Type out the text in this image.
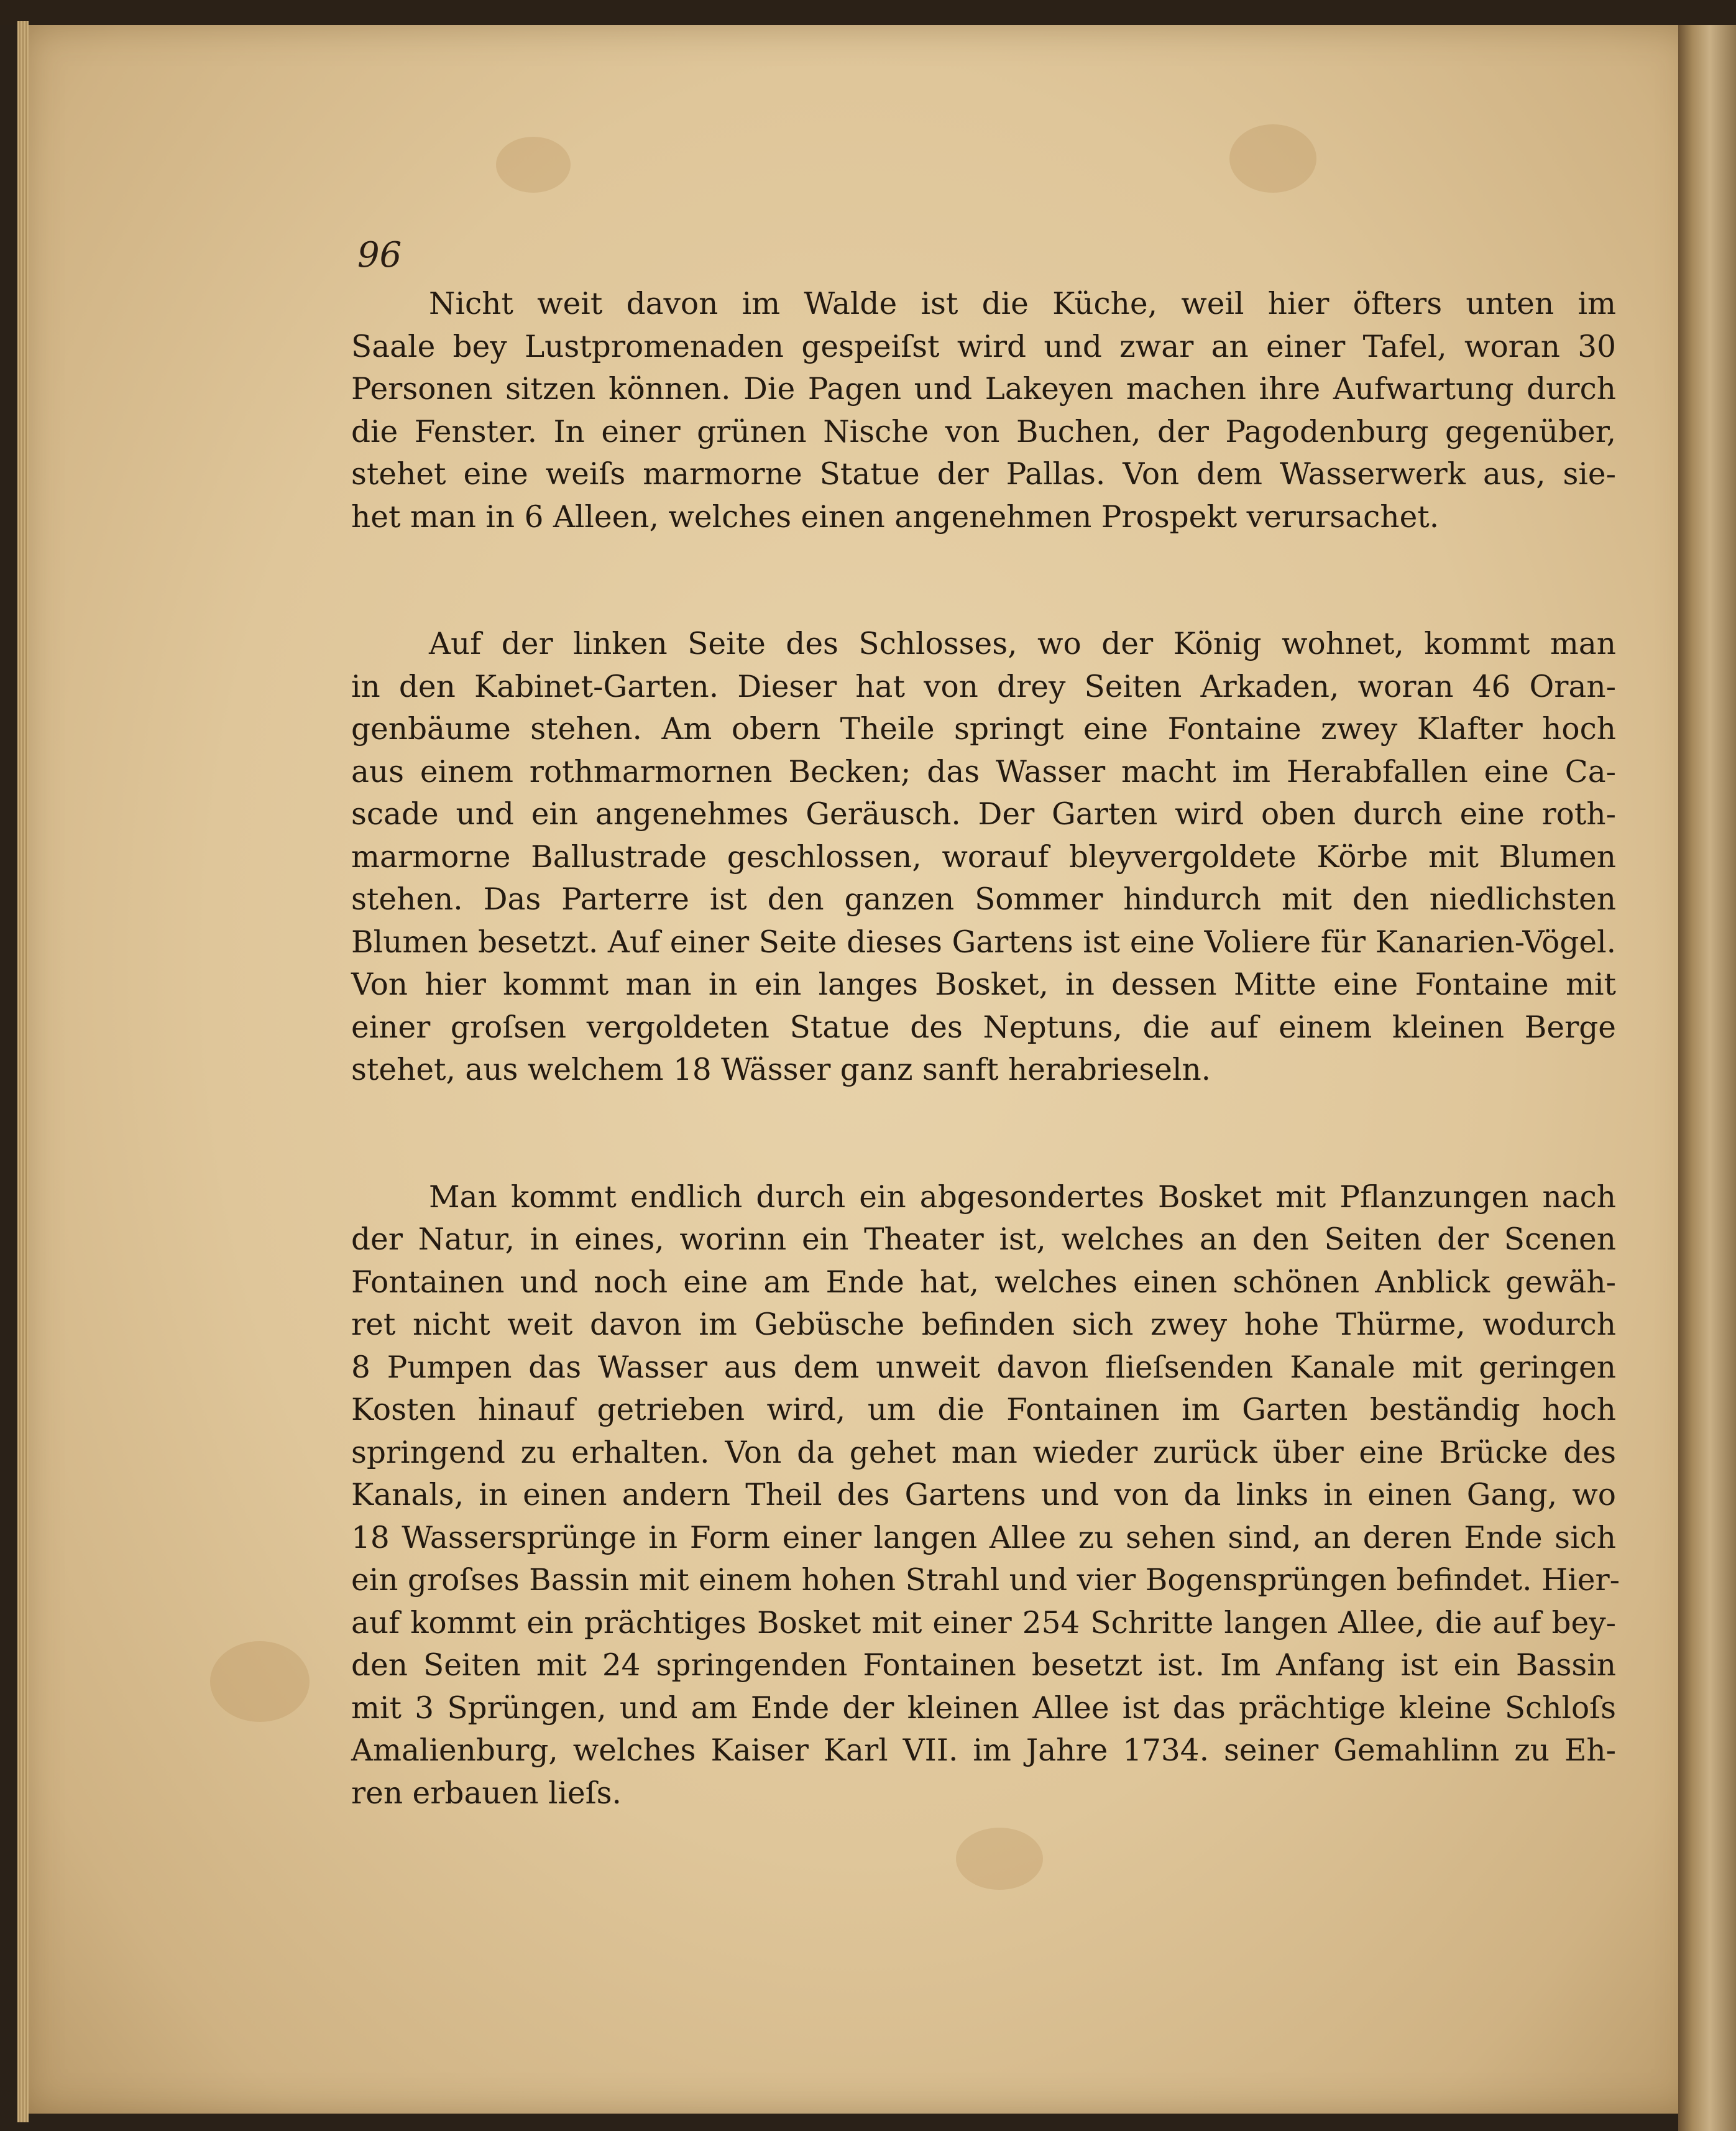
96
Nicht weit davon im Walde ist die Küche, weil hier öfters unten im
Saale bey Lustpromenaden gespeiſst wird und zwar an einer Tafel, woran 30
Personen sitzen können. Die Pagen und Lakeyen machen ihre Aufwartung durch
die Fenster. In einer grünen Nische von Buchen, der Pagodenburg gegenüber,
stehet eine weiſs marmorne Statue der Pallas. Von dem Wasserwerk aus, sie-
het man in 6 Alleen, welches einen angenehmen Prospekt verursachet.
Auf der linken Seite des Schlosses, wo der König wohnet, kommt man
in den Kabinet-Garten. Dieser hat von drey Seiten Arkaden, woran 46 Oran-
genbäume stehen. Am obern Theile springt eine Fontaine zwey Klafter hoch
aus einem rothmarmornen Becken; das Wasser macht im Herabfallen eine Ca-
scade und ein angenehmes Geräusch. Der Garten wird oben durch eine roth-
marmorne Ballustrade geschlossen, worauf bleyvergoldete Körbe mit Blumen
stehen. Das Parterre ist den ganzen Sommer hindurch mit den niedlichsten
Blumen besetzt. Auf einer Seite dieses Gartens ist eine Voliere für Kanarien-Vögel.
Von hier kommt man in ein langes Bosket, in dessen Mitte eine Fontaine mit
einer groſsen vergoldeten Statue des Neptuns, die auf einem kleinen Berge
stehet, aus welchem 18 Wässer ganz sanft herabrieseln.
Man kommt endlich durch ein abgesondertes Bosket mit Pflanzungen nach
der Natur, in eines, worinn ein Theater ist, welches an den Seiten der Scenen
Fontainen und noch eine am Ende hat, welches einen schönen Anblick gewäh-
ret nicht weit davon im Gebüsche befinden sich zwey hohe Thürme, wodurch
8 Pumpen das Wasser aus dem unweit davon flieſsenden Kanale mit geringen
Kosten hinauf getrieben wird, um die Fontainen im Garten beständig hoch
springend zu erhalten. Von da gehet man wieder zurück über eine Brücke des
Kanals, in einen andern Theil des Gartens und von da links in einen Gang, wo
18 Wassersprünge in Form einer langen Allee zu sehen sind, an deren Ende sich
ein groſses Bassin mit einem hohen Strahl und vier Bogensprüngen befindet. Hier-
auf kommt ein prächtiges Bosket mit einer 254 Schritte langen Allee, die auf bey-
den Seiten mit 24 springenden Fontainen besetzt ist. Im Anfang ist ein Bassin
mit 3 Sprüngen, und am Ende der kleinen Allee ist das prächtige kleine Schloſs
Amalienburg, welches Kaiser Karl VII. im Jahre 1734. seiner Gemahlinn zu Eh-
ren erbauen lieſs.
